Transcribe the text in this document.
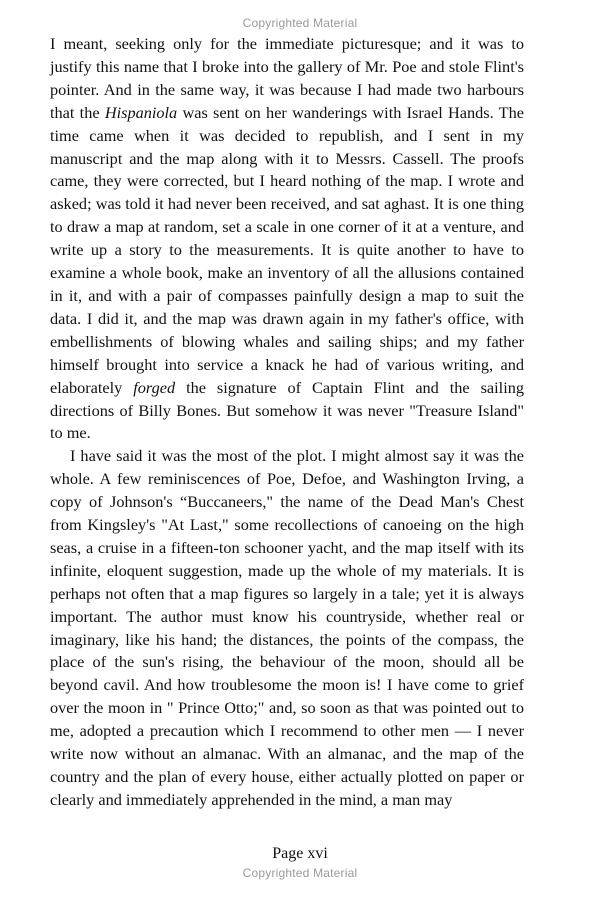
Copyrighted Material

I meant, seeking only for the immediate picturesque; and it was to justify this name that I broke into the gallery of Mr. Poe and stole Flint's pointer. And in the same way, it was because I had made two harbours that the Hispaniola was sent on her wanderings with Israel Hands. The time came when it was decided to republish, and I sent in my manuscript and the map along with it to Messrs. Cassell. The proofs came, they were corrected, but I heard nothing of the map. I wrote and asked; was told it had never been received, and sat aghast. It is one thing to draw a map at random, set a scale in one corner of it at a venture, and write up a story to the measurements. It is quite another to have to examine a whole book, make an inventory of all the allusions contained in it, and with a pair of compasses painfully design a map to suit the data. I did it, and the map was drawn again in my father's office, with embellishments of blowing whales and sailing ships; and my father himself brought into service a knack he had of various writing, and elaborately forged the signature of Captain Flint and the sailing directions of Billy Bones. But somehow it was never "Treasure Island" to me.

I have said it was the most of the plot. I might almost say it was the whole. A few reminiscences of Poe, Defoe, and Washington Irving, a copy of Johnson's “Buccaneers," the name of the Dead Man's Chest from Kingsley's "At Last," some recollections of canoeing on the high seas, a cruise in a fifteen-ton schooner yacht, and the map itself with its infinite, eloquent suggestion, made up the whole of my materials. It is perhaps not often that a map figures so largely in a tale; yet it is always important. The author must know his countryside, whether real or imaginary, like his hand; the distances, the points of the compass, the place of the sun's rising, the behaviour of the moon, should all be beyond cavil. And how troublesome the moon is! I have come to grief over the moon in " Prince Otto;" and, so soon as that was pointed out to me, adopted a precaution which I recommend to other men — I never write now without an almanac. With an almanac, and the map of the country and the plan of every house, either actually plotted on paper or clearly and immediately apprehended in the mind, a man may

Page xvi
Copyrighted Material
